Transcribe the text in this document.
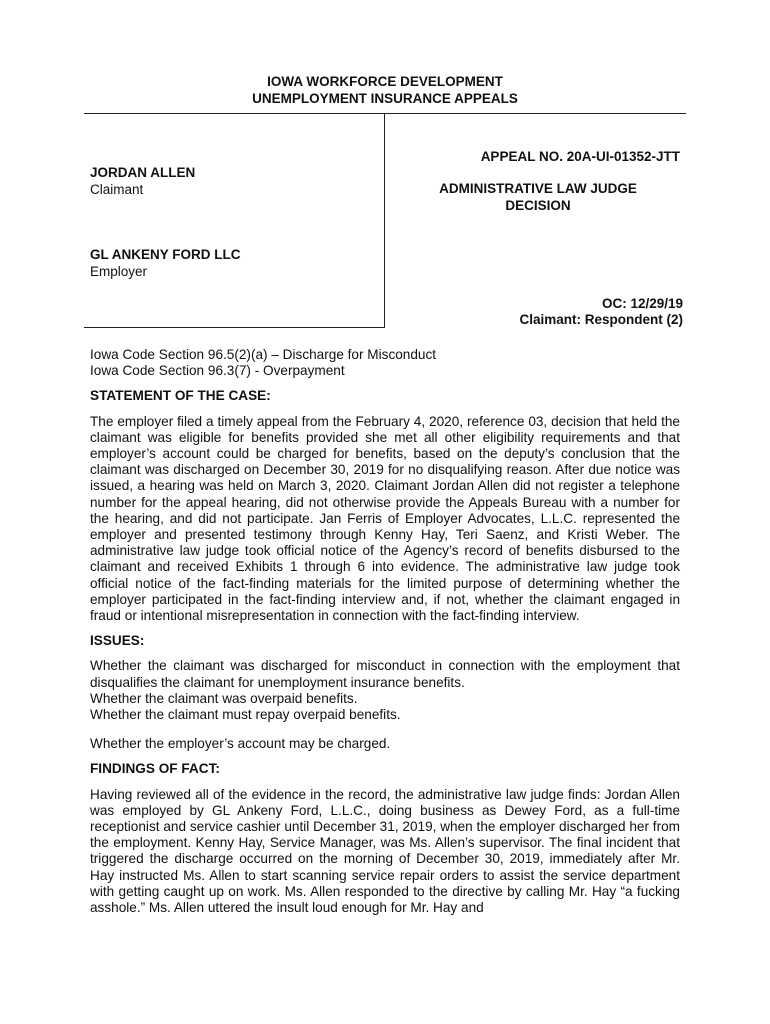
IOWA WORKFORCE DEVELOPMENT
UNEMPLOYMENT INSURANCE APPEALS
JORDAN ALLEN
Claimant
GL ANKENY FORD LLC
Employer
APPEAL NO. 20A-UI-01352-JTT
ADMINISTRATIVE LAW JUDGE
DECISION
OC: 12/29/19
Claimant: Respondent (2)

Iowa Code Section 96.5(2)(a) – Discharge for Misconduct

Iowa Code Section 96.3(7) - Overpayment

STATEMENT OF THE CASE:

The employer filed a timely appeal from the February 4, 2020, reference 03, decision that held the claimant was eligible for benefits provided she met all other eligibility requirements and that employer’s account could be charged for benefits, based on the deputy’s conclusion that the claimant was discharged on December 30, 2019 for no disqualifying reason. After due notice was issued, a hearing was held on March 3, 2020. Claimant Jordan Allen did not register a telephone number for the appeal hearing, did not otherwise provide the Appeals Bureau with a number for the hearing, and did not participate. Jan Ferris of Employer Advocates, L.L.C. represented the employer and presented testimony through Kenny Hay, Teri Saenz, and Kristi Weber. The administrative law judge took official notice of the Agency’s record of benefits disbursed to the claimant and received Exhibits 1 through 6 into evidence. The administrative law judge took official notice of the fact-finding materials for the limited purpose of determining whether the employer participated in the fact-finding interview and, if not, whether the claimant engaged in fraud or intentional misrepresentation in connection with the fact-finding interview.

ISSUES:

Whether the claimant was discharged for misconduct in connection with the employment that disqualifies the claimant for unemployment insurance benefits.

Whether the claimant was overpaid benefits.

Whether the claimant must repay overpaid benefits.

Whether the employer’s account may be charged.

FINDINGS OF FACT:

Having reviewed all of the evidence in the record, the administrative law judge finds: Jordan Allen was employed by GL Ankeny Ford, L.L.C., doing business as Dewey Ford, as a full-time receptionist and service cashier until December 31, 2019, when the employer discharged her from the employment. Kenny Hay, Service Manager, was Ms. Allen’s supervisor. The final incident that triggered the discharge occurred on the morning of December 30, 2019, immediately after Mr. Hay instructed Ms. Allen to start scanning service repair orders to assist the service department with getting caught up on work. Ms. Allen responded to the directive by calling Mr. Hay “a fucking asshole.” Ms. Allen uttered the insult loud enough for Mr. Hay and
